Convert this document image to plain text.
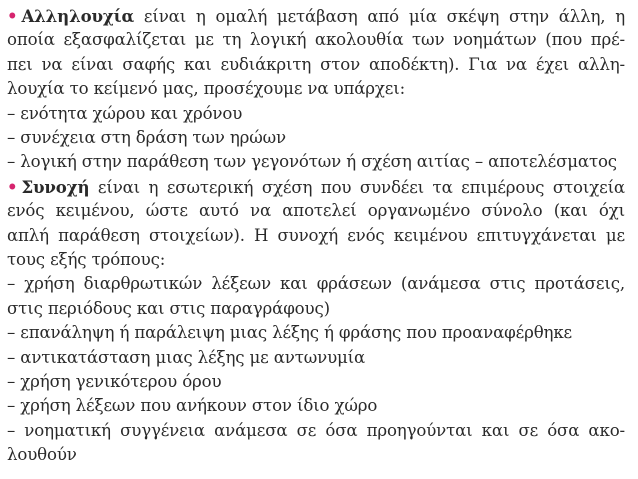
• Αλληλουχία είναι η ομαλή μετάβαση από μία σκέψη στην άλλη, η
οποία εξασφαλίζεται με τη λογική ακολουθία των νοημάτων (που πρέ-
πει να είναι σαφής και ευδιάκριτη στον αποδέκτη). Για να έχει αλλη-
λουχία το κείμενό μας, προσέχουμε να υπάρχει:
– ενότητα χώρου και χρόνου
– συνέχεια στη δράση των ηρώων
– λογική στην παράθεση των γεγονότων ή σχέση αιτίας – αποτελέσματος
• Συνοχή είναι η εσωτερική σχέση που συνδέει τα επιμέρους στοιχεία
ενός κειμένου, ώστε αυτό να αποτελεί οργανωμένο σύνολο (και όχι
απλή παράθεση στοιχείων). Η συνοχή ενός κειμένου επιτυγχάνεται με
τους εξής τρόπους:
– χρήση διαρθρωτικών λέξεων και φράσεων (ανάμεσα στις προτάσεις,
στις περιόδους και στις παραγράφους)
– επανάληψη ή παράλειψη μιας λέξης ή φράσης που προαναφέρθηκε
– αντικατάσταση μιας λέξης με αντωνυμία
– χρήση γενικότερου όρου
– χρήση λέξεων που ανήκουν στον ίδιο χώρο
– νοηματική συγγένεια ανάμεσα σε όσα προηγούνται και σε όσα ακο-
λουθούν
